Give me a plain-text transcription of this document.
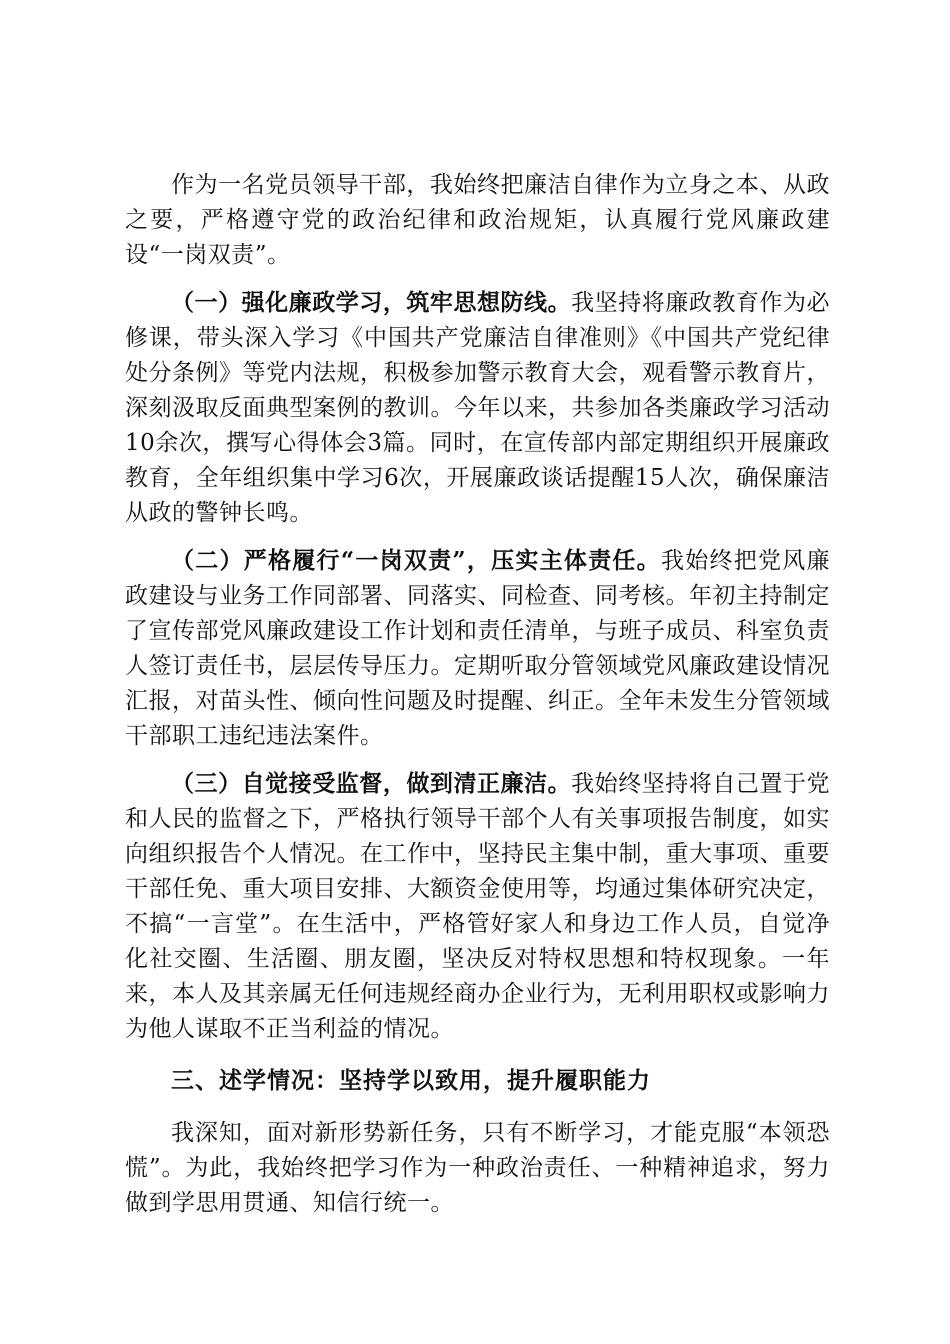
作为一名党员领导干部，我始终把廉洁自律作为立身之本、从政之要，严格遵守党的政治纪律和政治规矩，认真履行党风廉政建设“一岗双责”。

（一）强化廉政学习，筑牢思想防线。我坚持将廉政教育作为必修课，带头深入学习《中国共产党廉洁自律准则》《中国共产党纪律处分条例》等党内法规，积极参加警示教育大会，观看警示教育片，深刻汲取反面典型案例的教训。今年以来，共参加各类廉政学习活动10余次，撰写心得体会3篇。同时，在宣传部内部定期组织开展廉政教育，全年组织集中学习6次，开展廉政谈话提醒15人次，确保廉洁从政的警钟长鸣。

（二）严格履行“一岗双责”，压实主体责任。我始终把党风廉政建设与业务工作同部署、同落实、同检查、同考核。年初主持制定了宣传部党风廉政建设工作计划和责任清单，与班子成员、科室负责人签订责任书，层层传导压力。定期听取分管领域党风廉政建设情况汇报，对苗头性、倾向性问题及时提醒、纠正。全年未发生分管领域干部职工违纪违法案件。

（三）自觉接受监督，做到清正廉洁。我始终坚持将自己置于党和人民的监督之下，严格执行领导干部个人有关事项报告制度，如实向组织报告个人情况。在工作中，坚持民主集中制，重大事项、重要干部任免、重大项目安排、大额资金使用等，均通过集体研究决定，不搞“一言堂”。在生活中，严格管好家人和身边工作人员，自觉净化社交圈、生活圈、朋友圈，坚决反对特权思想和特权现象。一年来，本人及其亲属无任何违规经商办企业行为，无利用职权或影响力为他人谋取不正当利益的情况。

三、述学情况：坚持学以致用，提升履职能力

我深知，面对新形势新任务，只有不断学习，才能克服“本领恐慌”。为此，我始终把学习作为一种政治责任、一种精神追求，努力做到学思用贯通、知信行统一。
